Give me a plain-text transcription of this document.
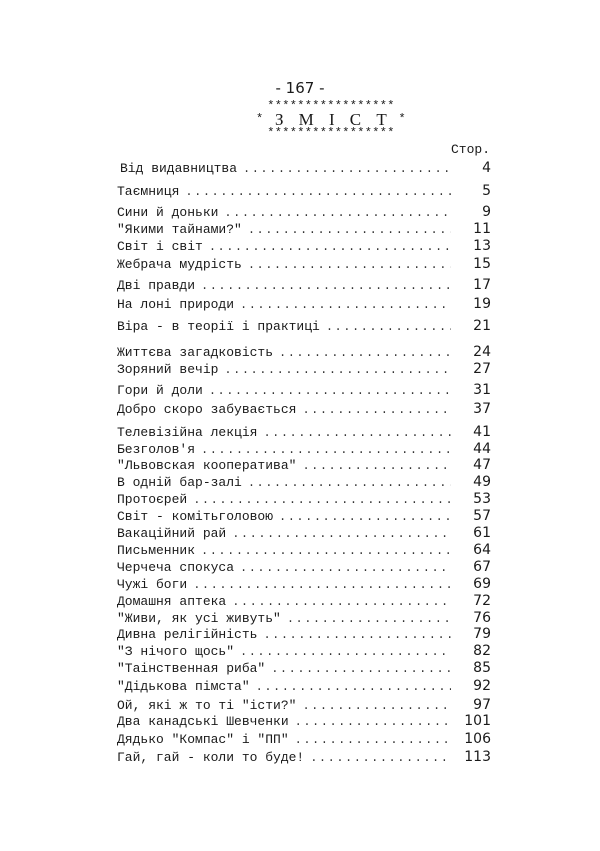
- 167 -
*****************
* З М І С Т *
*****************
Стор.
Від видавництва .....	4
Таємниця .....	5
Сини й доньки .....	9
"Якими тайнами?" .....	11
Світ і світ .....	13
Жебрача мудрість .....	15
Дві правди .....	17
На лоні природи .....	19
Віра - в теорії і практиці .....	21
Життєва загадковість .....	24
Зоряний вечір .....	27
Гори й доли .....	31
Добро скоро забувається .....	37
Телевізійна лекція .....	41
Безголов'я .....	44
"Львовская кооператива" .....	47
В одній бар-залі .....	49
Протоєрей .....	53
Світ - комітьголовою .....	57
Вакаційний рай .....	61
Письменник .....	64
Черчеча спокуса .....	67
Чужі боги .....	69
Домашня аптека .....	72
"Живи, як усі живуть" .....	76
Дивна релігійність .....	79
"З нічого щось" .....	82
"Таінственная риба" .....	85
"Дідькова пімста" .....	92
Ой, які ж то ті "істи?" .....	97
Два канадські Шевченки .....	101
Дядько "Компас" і "ПП" .....	106
Гай, гай - коли то буде! .....	113
